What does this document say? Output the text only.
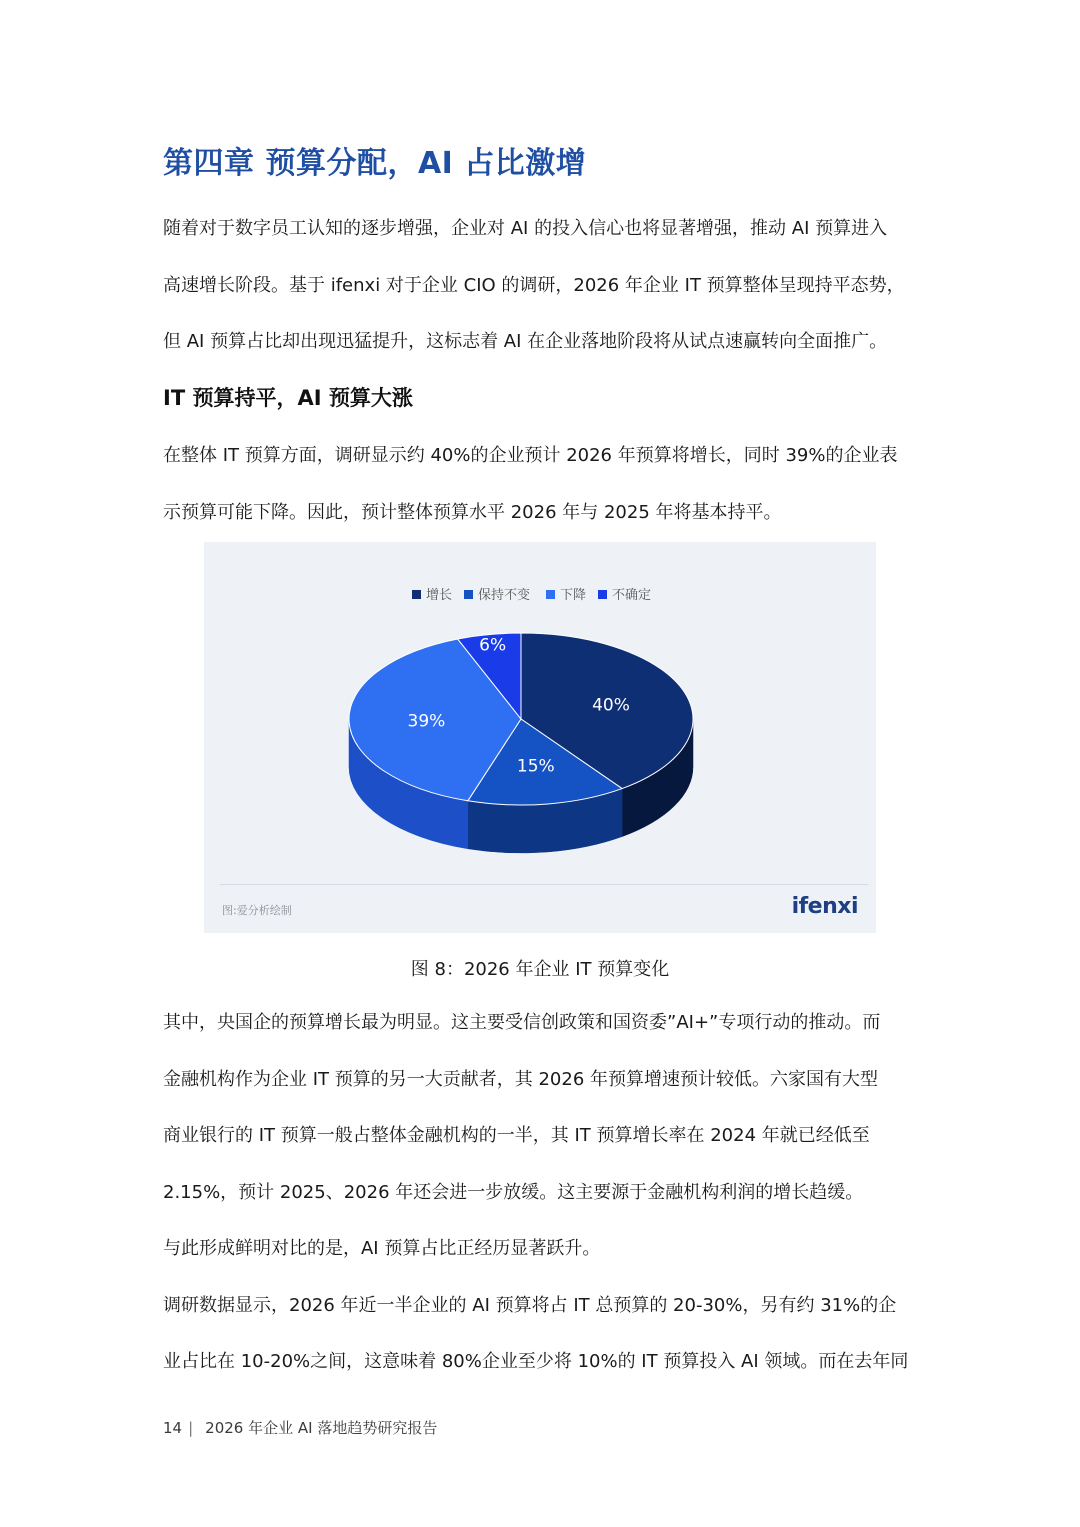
第四章 预算分配，AI 占比激增
随着对于数字员工认知的逐步增强，企业对 AI 的投入信心也将显著增强，推动 AI 预算进入
高速增长阶段。基于 ifenxi 对于企业 CIO 的调研，2026 年企业 IT 预算整体呈现持平态势，
但 AI 预算占比却出现迅猛提升，这标志着 AI 在企业落地阶段将从试点速赢转向全面推广。
IT 预算持平，AI 预算大涨
在整体 IT 预算方面，调研显示约 40%的企业预计 2026 年预算将增长，同时 39%的企业表
示预算可能下降。因此，预计整体预算水平 2026 年与 2025 年将基本持平。
增长 保持不变 下降 不确定
40%
15%
39%
6%
图:爱分析绘制	ifenxi
图 8：2026 年企业 IT 预算变化
其中，央国企的预算增长最为明显。这主要受信创政策和国资委”AI+”专项行动的推动。而
金融机构作为企业 IT 预算的另一大贡献者，其 2026 年预算增速预计较低。六家国有大型
商业银行的 IT 预算一般占整体金融机构的一半，其 IT 预算增长率在 2024 年就已经低至
2.15%，预计 2025、2026 年还会进一步放缓。这主要源于金融机构利润的增长趋缓。
与此形成鲜明对比的是，AI 预算占比正经历显著跃升。
调研数据显示，2026 年近一半企业的 AI 预算将占 IT 总预算的 20-30%，另有约 31%的企
业占比在 10-20%之间，这意味着 80%企业至少将 10%的 IT 预算投入 AI 领域。而在去年同
14 | 2026 年企业 AI 落地趋势研究报告
